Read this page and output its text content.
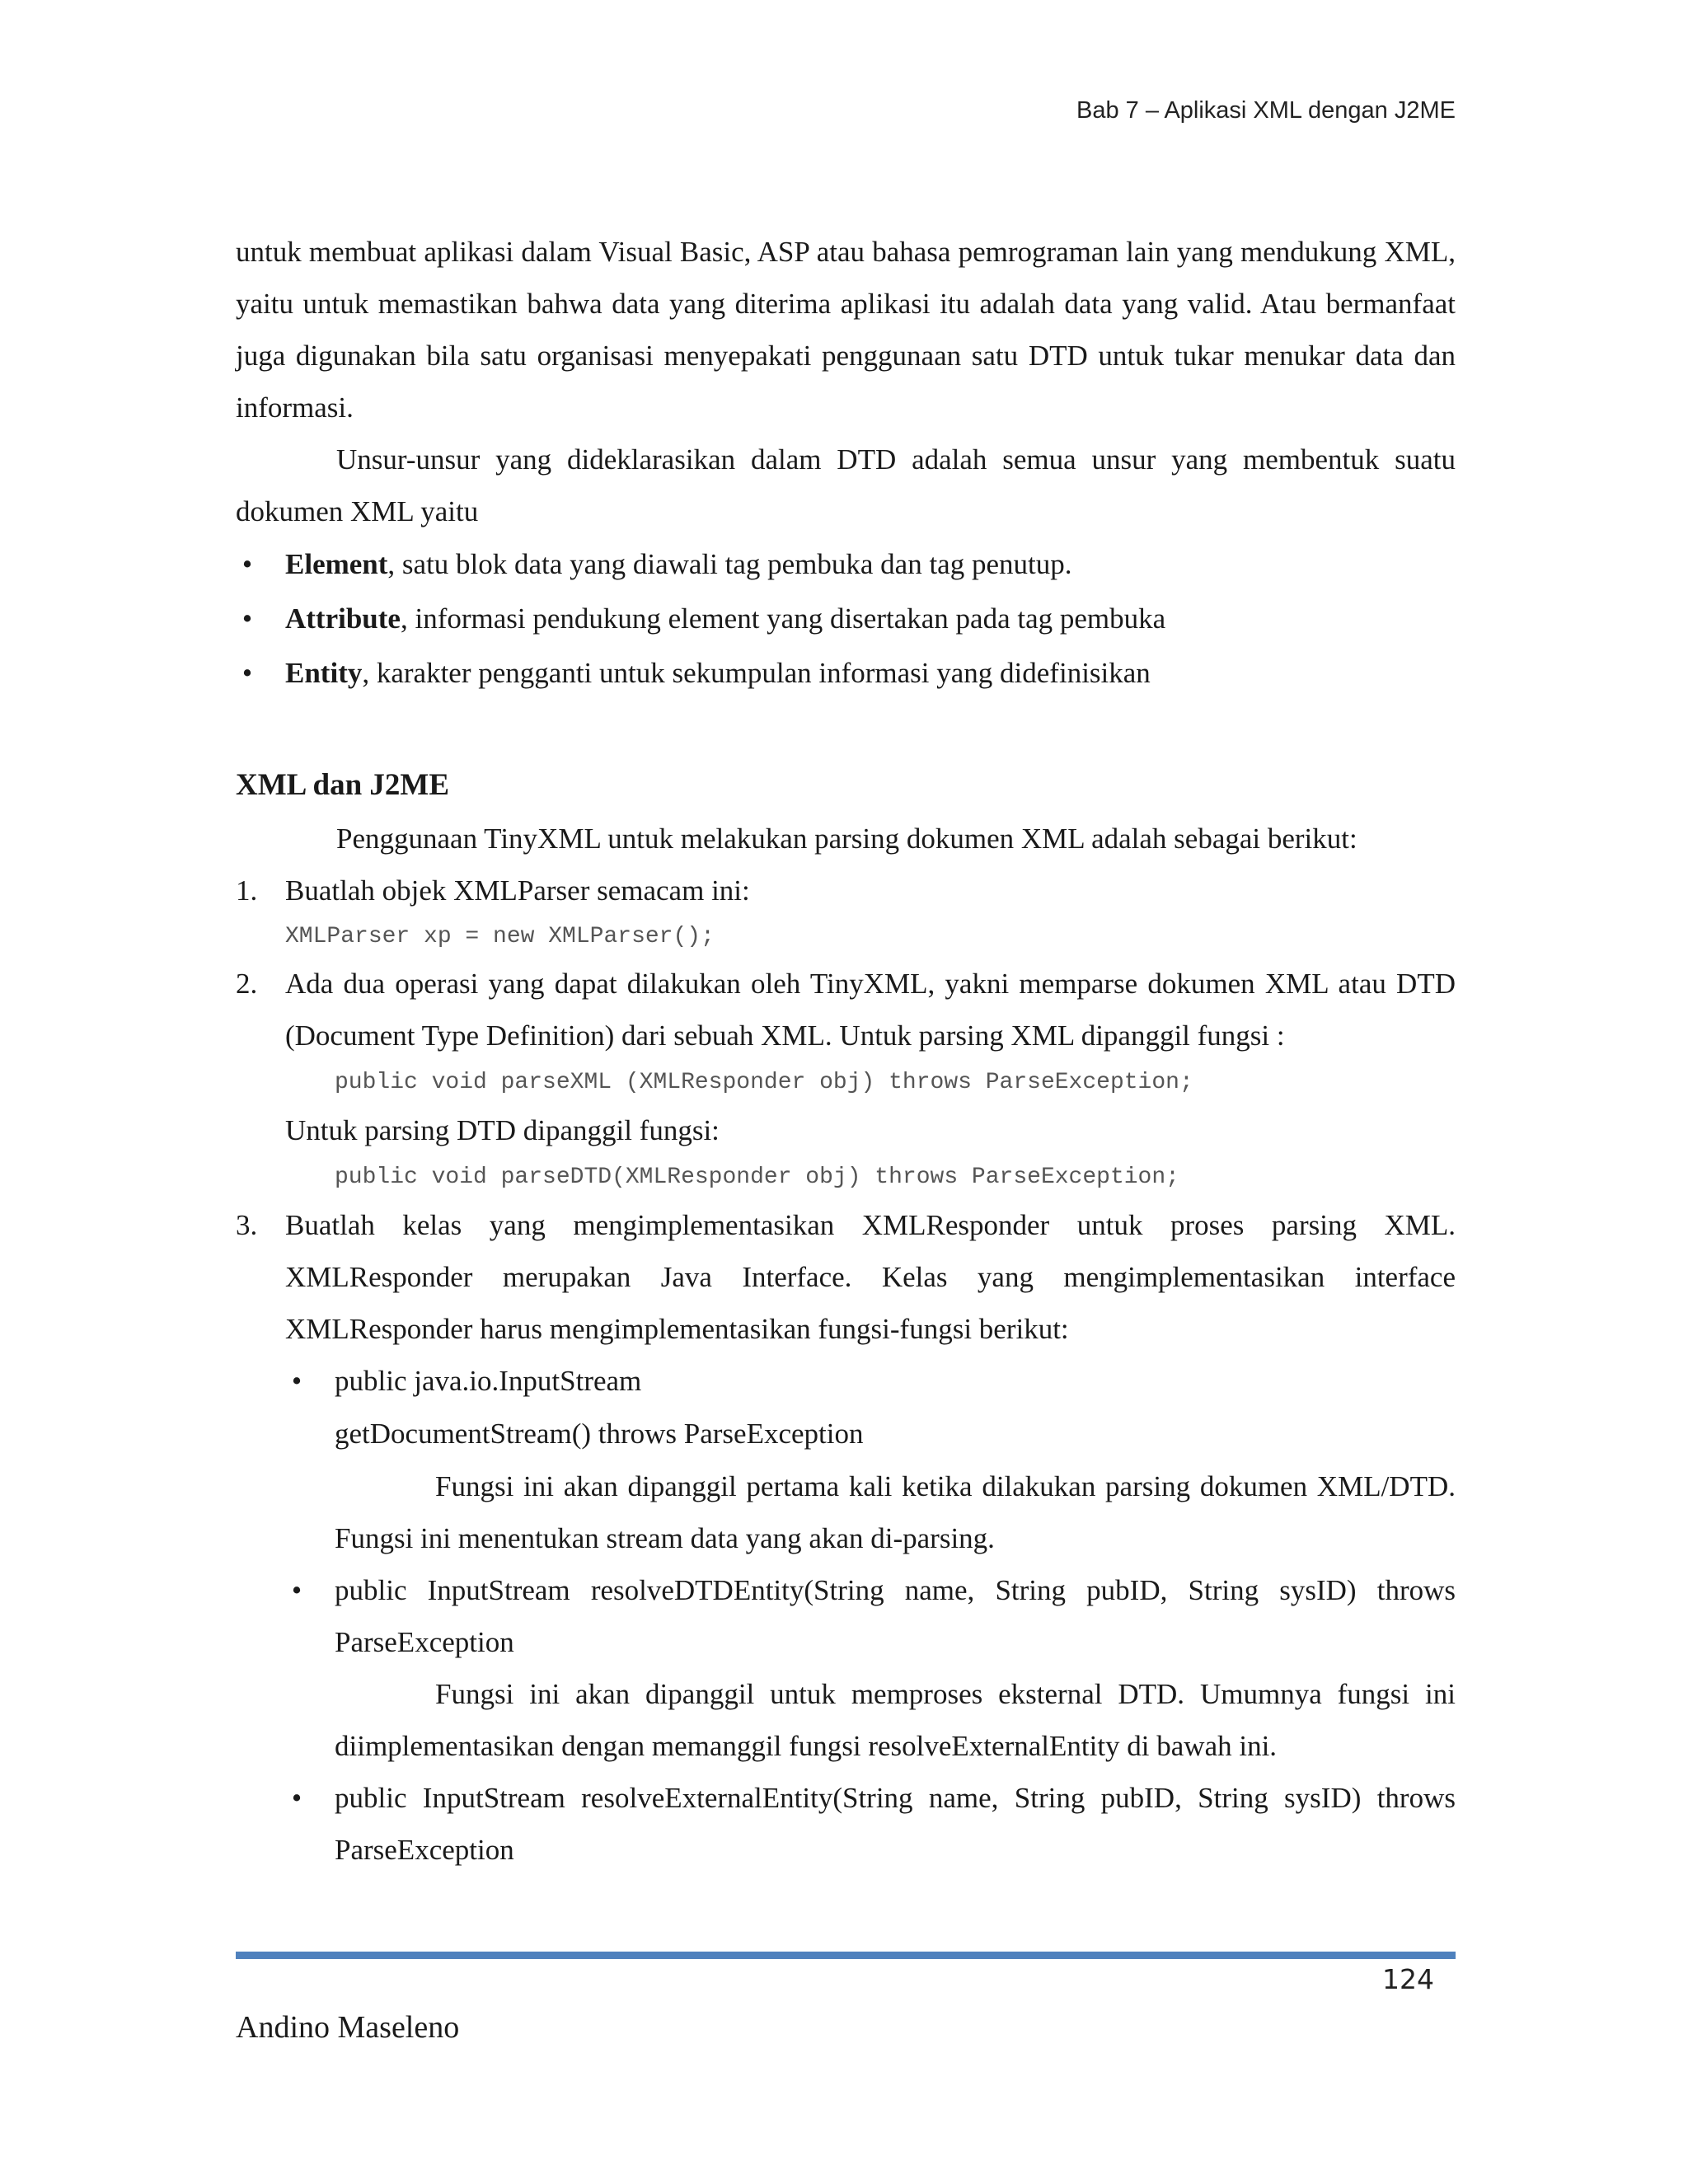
Bab 7 – Aplikasi XML dengan J2ME

untuk membuat aplikasi dalam Visual Basic, ASP atau bahasa pemrograman lain yang mendukung XML, yaitu untuk memastikan bahwa data yang diterima aplikasi itu adalah data yang valid. Atau bermanfaat juga digunakan bila satu organisasi menyepakati penggunaan satu DTD untuk tukar menukar data dan informasi.

Unsur-unsur yang dideklarasikan dalam DTD adalah semua unsur yang membentuk suatu dokumen XML yaitu

• Element, satu blok data yang diawali tag pembuka dan tag penutup.
• Attribute, informasi pendukung element yang disertakan pada tag pembuka
• Entity, karakter pengganti untuk sekumpulan informasi yang didefinisikan
XML dan J2ME

Penggunaan TinyXML untuk melakukan parsing dokumen XML adalah sebagai berikut:

1. Buatlah objek XMLParser semacam ini:
XMLParser xp = new XMLParser();
2. Ada dua operasi yang dapat dilakukan oleh TinyXML, yakni memparse dokumen XML atau DTD (Document Type Definition) dari sebuah XML. Untuk parsing XML dipanggil fungsi :
public void parseXML (XMLResponder obj) throws ParseException;
Untuk parsing DTD dipanggil fungsi:
public void parseDTD(XMLResponder obj) throws ParseException;
3. Buatlah kelas yang mengimplementasikan XMLResponder untuk proses parsing XML. XMLResponder merupakan Java Interface. Kelas yang mengimplementasikan interface XMLResponder harus mengimplementasikan fungsi-fungsi berikut:
• public java.io.InputStream
getDocumentStream() throws ParseException
Fungsi ini akan dipanggil pertama kali ketika dilakukan parsing dokumen XML/DTD. Fungsi ini menentukan stream data yang akan di-parsing.
• public InputStream resolveDTDEntity(String name, String pubID, String sysID) throws ParseException
Fungsi ini akan dipanggil untuk memproses eksternal DTD. Umumnya fungsi ini diimplementasikan dengan memanggil fungsi resolveExternalEntity di bawah ini.
• public InputStream resolveExternalEntity(String name, String pubID, String sysID) throws ParseException
124
Andino Maseleno
